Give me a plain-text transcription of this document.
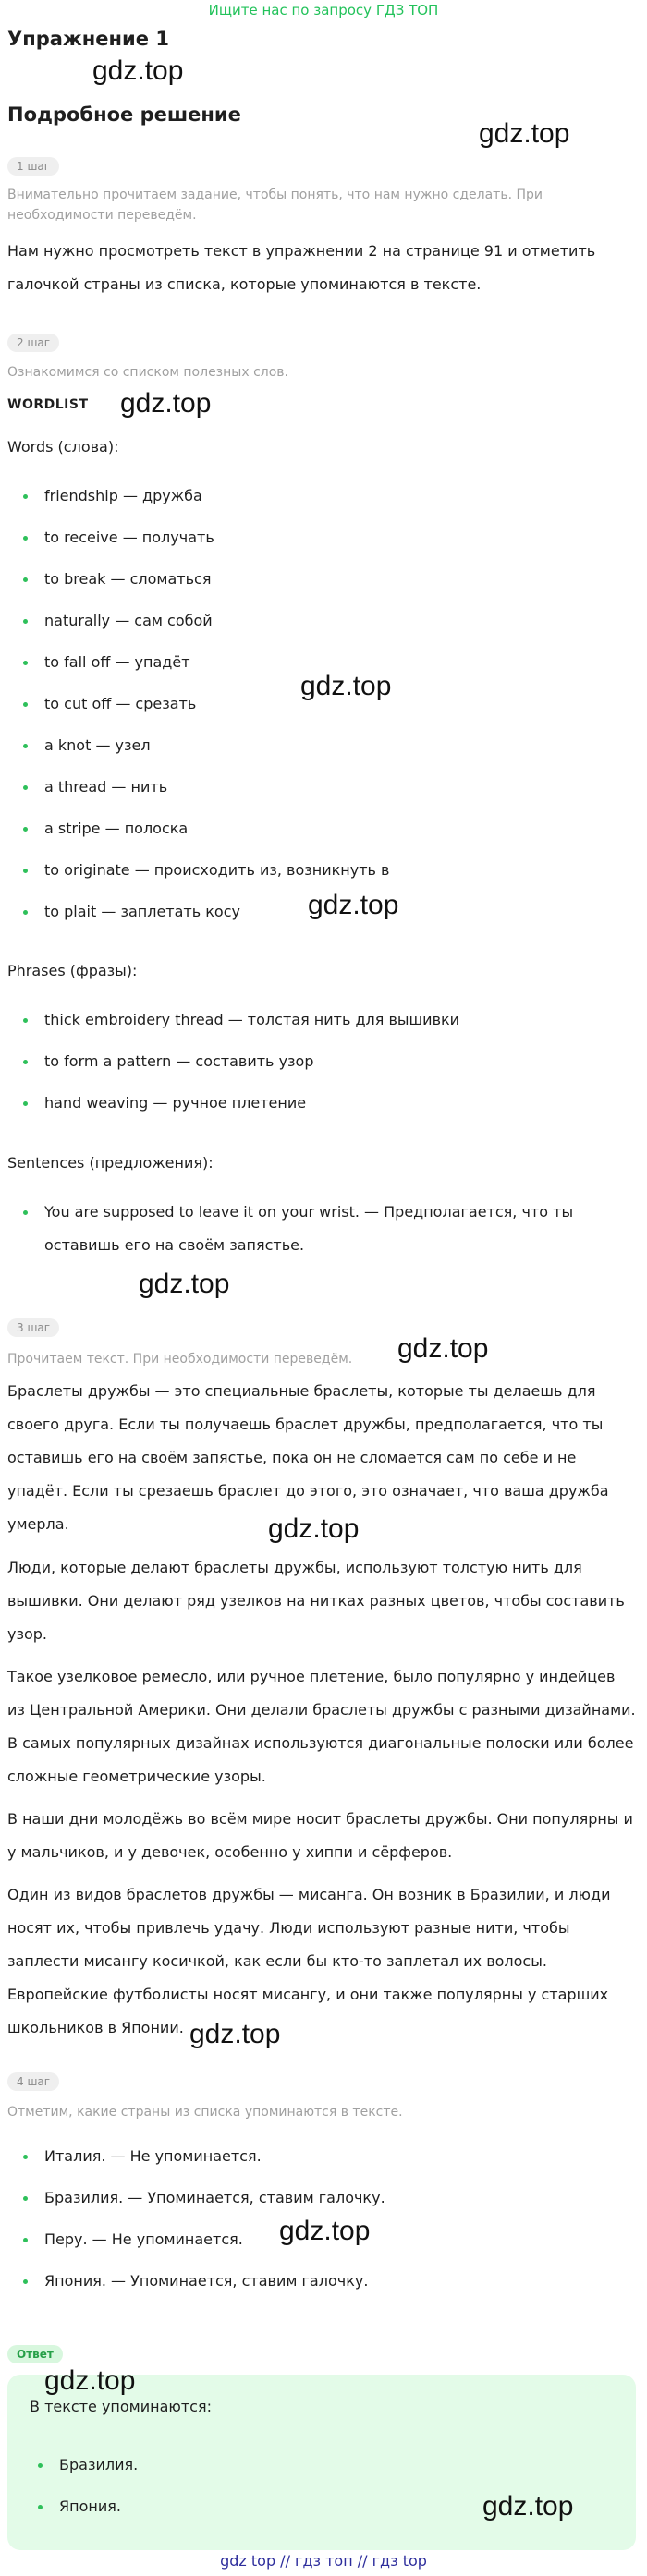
Ищите нас по запросу ГДЗ ТОП
Упражнение 1
gdz.top
Подробное решение
gdz.top
1 шаг

Внимательно прочитаем задание, чтобы понять, что нам нужно сделать. При необходимости переведём.

Нам нужно просмотреть текст в упражнении 2 на странице 91 и отметить галочкой страны из списка, которые упоминаются в тексте.

2 шаг

Ознакомимся со списком полезных слов.

WORDLIST gdz.top

Words (слова):

friendship — дружба
to receive — получать
to break — сломаться
naturally — сам собой
to fall off — упадёт
to cut off — срезать
a knot — узел
a thread — нить
a stripe — полоска
to originate — происходить из, возникнуть в
to plait — заплетать косу
gdz.top
gdz.top

Phrases (фразы):

thick embroidery thread — толстая нить для вышивки
to form a pattern — составить узор
hand weaving — ручное плетение

Sentences (предложения):

You are supposed to leave it on your wrist. — Предполагается, что ты оставишь его на своём запястье.
gdz.top
3 шаг
gdz.top

Прочитаем текст. При необходимости переведём.

Браслеты дружбы — это специальные браслеты, которые ты делаешь для своего друга. Если ты получаешь браслет дружбы, предполагается, что ты оставишь его на своём запястье, пока он не сломается сам по себе и не упадёт. Если ты срезаешь браслет до этого, это означает, что ваша дружба умерла.	gdz.top

Люди, которые делают браслеты дружбы, используют толстую нить для вышивки. Они делают ряд узелков на нитках разных цветов, чтобы составить узор.

Такое узелковое ремесло, или ручное плетение, было популярно у индейцев из Центральной Америки. Они делали браслеты дружбы с разными дизайнами. В самых популярных дизайнах используются диагональные полоски или более сложные геометрические узоры.

В наши дни молодёжь во всём мире носит браслеты дружбы. Они популярны и у мальчиков, и у девочек, особенно у хиппи и сёрферов.

Один из видов браслетов дружбы — мисанга. Он возник в Бразилии, и люди носят их, чтобы привлечь удачу. Люди используют разные нити, чтобы заплести мисангу косичкой, как если бы кто-то заплетал их волосы. Европейские футболисты носят мисангу, и они также популярны у старших школьников в Японии. gdz.top
4 шаг

Отметим, какие страны из списка упоминаются в тексте.

Италия. — Не упоминается.
Бразилия. — Упоминается, ставим галочку.
Перу. — Не упоминается.
Япония. — Упоминается, ставим галочку.
gdz.top
Ответ

В тексте упоминаются:

Бразилия.
Япония.
gdz.top
gdz.top
gdz top // гдз топ // гдз top
